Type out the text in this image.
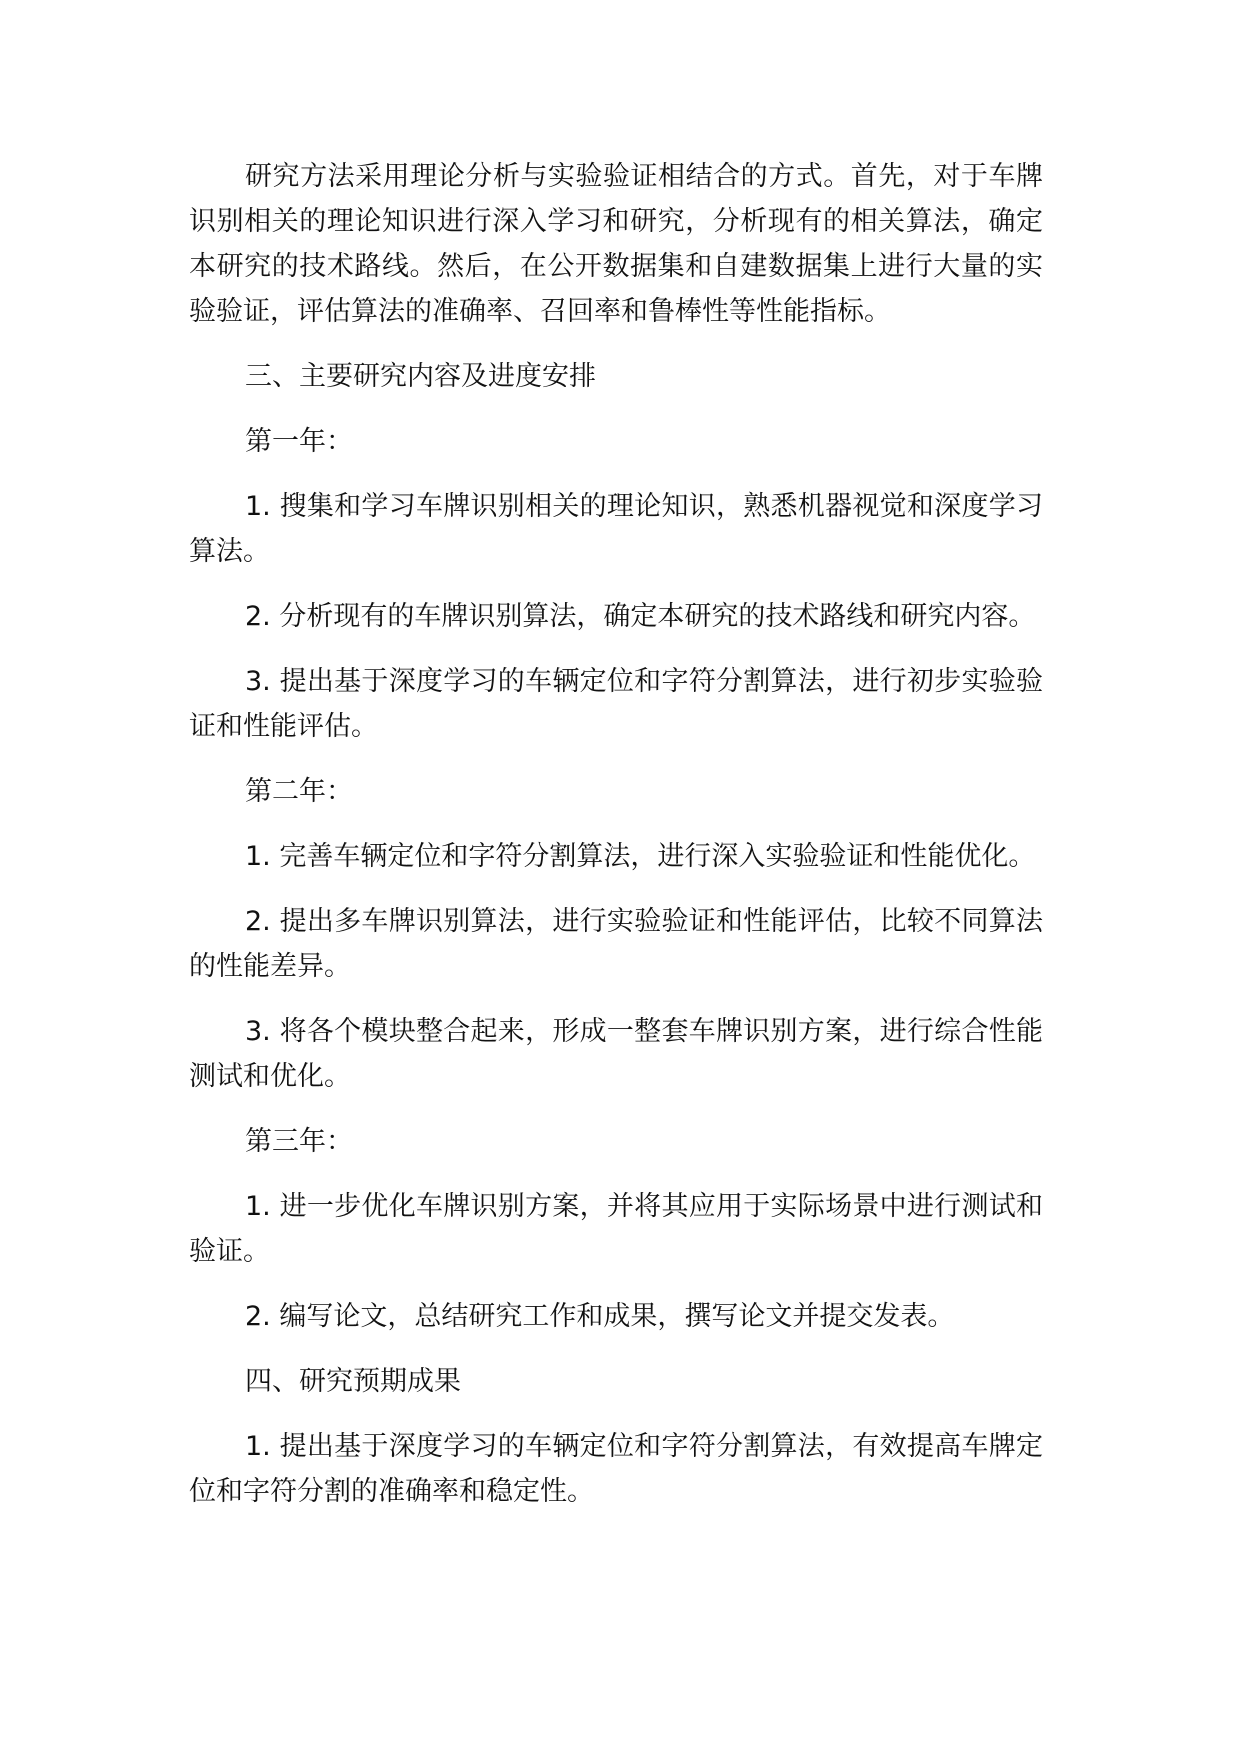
研究方法采用理论分析与实验验证相结合的方式。首先，对于车牌识别相关的理论知识进行深入学习和研究，分析现有的相关算法，确定本研究的技术路线。然后，在公开数据集和自建数据集上进行大量的实验验证，评估算法的准确率、召回率和鲁棒性等性能指标。

三、主要研究内容及进度安排

第一年：

1. 搜集和学习车牌识别相关的理论知识，熟悉机器视觉和深度学习算法。

2. 分析现有的车牌识别算法，确定本研究的技术路线和研究内容。

3. 提出基于深度学习的车辆定位和字符分割算法，进行初步实验验证和性能评估。

第二年：

1. 完善车辆定位和字符分割算法，进行深入实验验证和性能优化。

2. 提出多车牌识别算法，进行实验验证和性能评估，比较不同算法的性能差异。

3. 将各个模块整合起来，形成一整套车牌识别方案，进行综合性能测试和优化。

第三年：

1. 进一步优化车牌识别方案，并将其应用于实际场景中进行测试和验证。

2. 编写论文，总结研究工作和成果，撰写论文并提交发表。

四、研究预期成果

1. 提出基于深度学习的车辆定位和字符分割算法，有效提高车牌定位和字符分割的准确率和稳定性。
